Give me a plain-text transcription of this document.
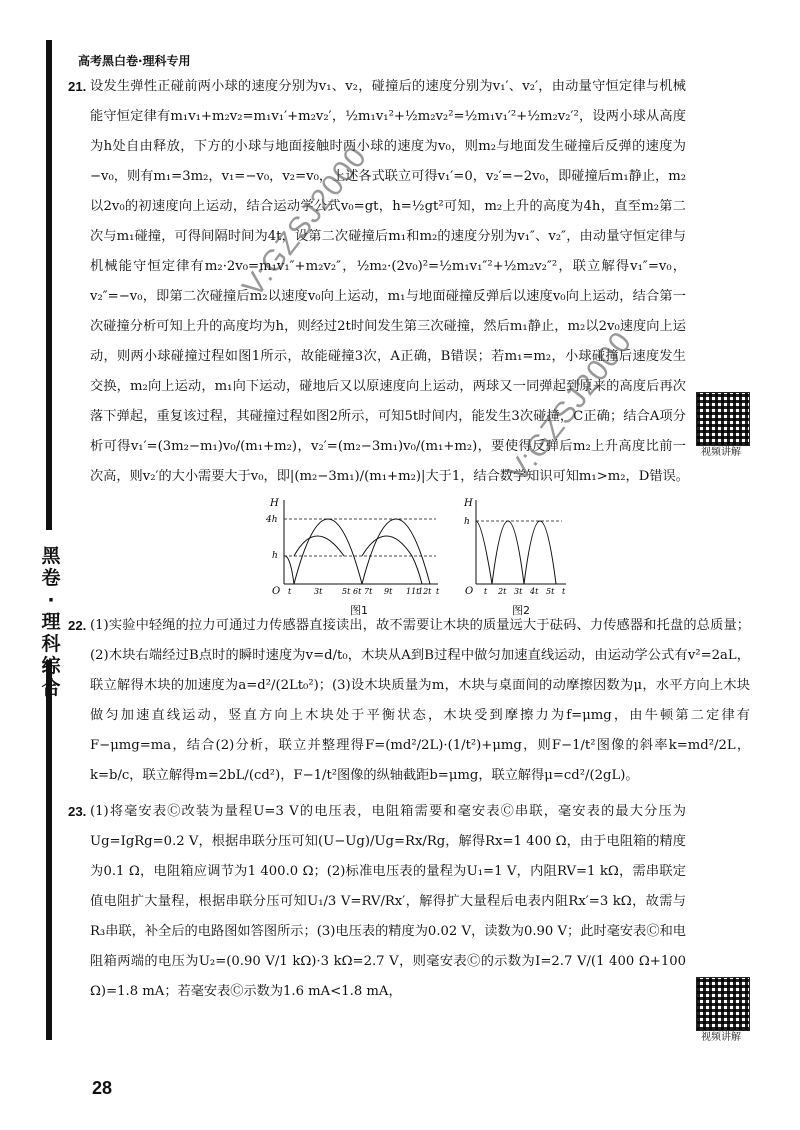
黑卷·理科综合
高考黑白卷·理科专用
21.
视频讲解
设发生弹性正碰前两小球的速度分别为v₁、v₂，碰撞后的速度分别为v₁′、v₂′，由动量守恒定律与机械能守恒定律有m₁v₁+m₂v₂=m₁v₁′+m₂v₂′，½m₁v₁²+½m₂v₂²=½m₁v₁′²+½m₂v₂′²，设两小球从高度为h处自由释放，下方的小球与地面接触时两小球的速度为v₀，则m₂与地面发生碰撞后反弹的速度为−v₀，则有m₁=3m₂，v₁=−v₀，v₂=v₀，上述各式联立可得v₁′=0，v₂′=−2v₀，即碰撞后m₁静止，m₂以2v₀的初速度向上运动，结合运动学公式v₀=gt，h=½gt²可知，m₂上升的高度为4h，直至m₂第二次与m₁碰撞，可得间隔时间为4t，设第二次碰撞后m₁和m₂的速度分别为v₁″、v₂″，由动量守恒定律与机械能守恒定律有m₂·2v₀=m₁v₁″+m₂v₂″，½m₂·(2v₀)²=½m₁v₁″²+½m₂v₂″²，联立解得v₁″=v₀，v₂″=−v₀，即第二次碰撞后m₂以速度v₀向上运动，m₁与地面碰撞反弹后以速度v₀向上运动，结合第一次碰撞分析可知上升的高度均为h，则经过2t时间发生第三次碰撞，然后m₁静止，m₂以2v₀速度向上运动，则两小球碰撞过程如图1所示，故能碰撞3次，A正确，B错误；若m₁=m₂，小球碰撞后速度发生交换，m₂向上运动，m₁向下运动，碰地后又以原速度向上运动，两球又一同弹起到原来的高度后再次落下弹起，重复该过程，其碰撞过程如图2所示，可知5t时间内，能发生3次碰撞，C正确；结合A项分析可得v₁′=(3m₂−m₁)v₀/(m₁+m₂)，v₂′=(m₂−3m₁)v₀/(m₁+m₂)，要使得反弹后m₂上升高度比前一次高，则v₂′的大小需要大于v₀，即|(m₂−3m₁)/(m₁+m₂)|大于1，结合数学知识可知m₁>m₂，D错误。
H
O
4h
h
t	3t 5t 6t 7t 9t 11t
12t t
H
O
h
t 2t 3t 4t 5t t
图1	图2
22. (1)实验中轻绳的拉力可通过力传感器直接读出，故不需要让木块的质量远大于砝码、力传感器和托盘的总质量；(2)木块右端经过B点时的瞬时速度为v=d/t₀，木块从A到B过程中做匀加速直线运动，由运动学公式有v²=2aL，联立解得木块的加速度为a=d²/(2Lt₀²)；(3)设木块质量为m，木块与桌面间的动摩擦因数为μ，水平方向上木块做匀加速直线运动，竖直方向上木块处于平衡状态，木块受到摩擦力为f=μmg，由牛顿第二定律有F−μmg=ma，结合(2)分析，联立并整理得F=(md²/2L)·(1/t²)+μmg，则F−1/t²图像的斜率k=md²/2L，k=b/c，联立解得m=2bL/(cd²)，F−1/t²图像的纵轴截距b=μmg，联立解得μ=cd²/(2gL)。
23.
视频讲解
(1)将毫安表Ⓒ改装为量程U=3 V的电压表，电阻箱需要和毫安表Ⓒ串联，毫安表的最大分压为Ug=IgRg=0.2 V，根据串联分压可知(U−Ug)/Ug=Rx/Rg，解得Rx=1 400 Ω，由于电阻箱的精度为0.1 Ω，电阻箱应调节为1 400.0 Ω；(2)标准电压表的量程为U₁=1 V，内阻RV=1 kΩ，需串联定值电阻扩大量程，根据串联分压可知U₁/3 V=RV/Rx′，解得扩大量程后电表内阻Rx′=3 kΩ，故需与R₃串联，补全后的电路图如答图所示；(3)电压表的精度为0.02 V，读数为0.90 V；此时毫安表Ⓒ和电阻箱两端的电压为U₂=(0.90 V/1 kΩ)·3 kΩ=2.7 V，则毫安表Ⓒ的示数为I=2.7 V/(1 400 Ω+100 Ω)=1.8 mA；若毫安表Ⓒ示数为1.6 mA<1.8 mA，
V:GZSJ2000
V:GZSJ2000
28
